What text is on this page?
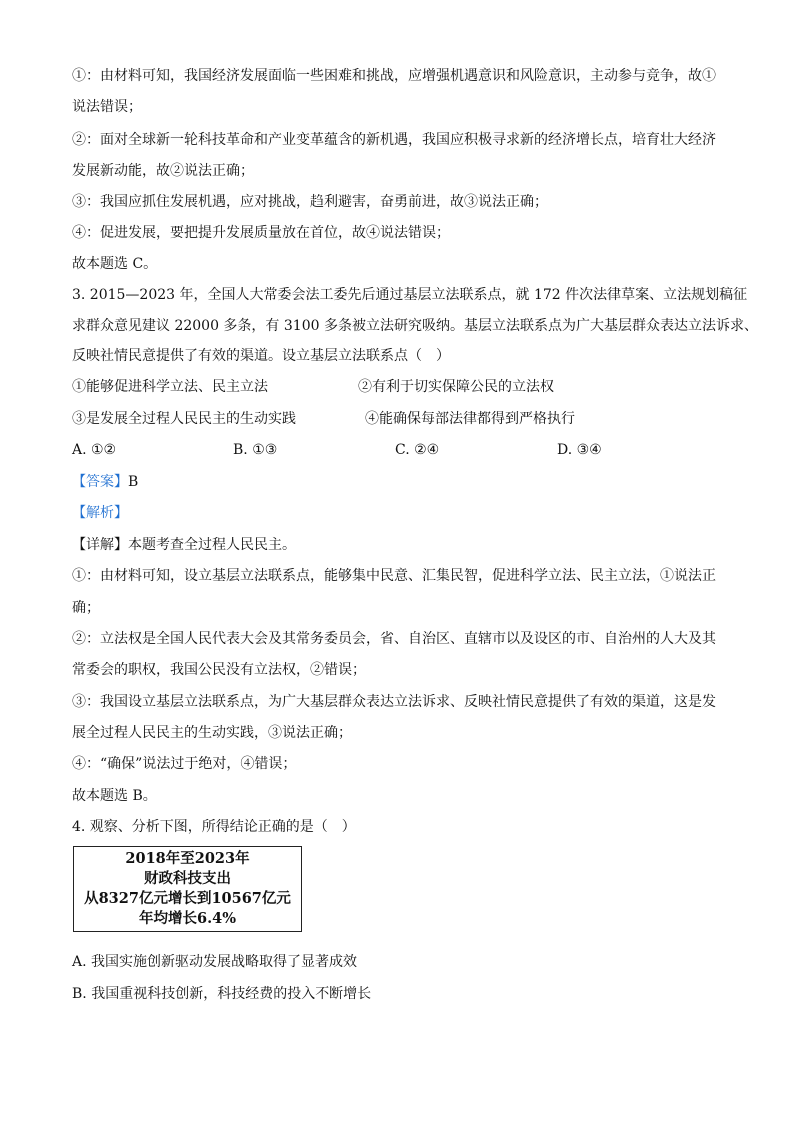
①：由材料可知，我国经济发展面临一些困难和挑战，应增强机遇意识和风险意识，主动参与竞争，故①
说法错误；
②：面对全球新一轮科技革命和产业变革蕴含的新机遇，我国应积极寻求新的经济增长点，培育壮大经济
发展新动能，故②说法正确；
③：我国应抓住发展机遇，应对挑战，趋利避害，奋勇前进，故③说法正确；
④：促进发展，要把提升发展质量放在首位，故④说法错误；
故本题选 C。
3. 2015—2023 年，全国人大常委会法工委先后通过基层立法联系点，就 172 件次法律草案、立法规划稿征
求群众意见建议 22000 多条，有 3100 多条被立法研究吸纳。基层立法联系点为广大基层群众表达立法诉求、
反映社情民意提供了有效的渠道。设立基层立法联系点（　）
①能够促进科学立法、民主立法	②有利于切实保障公民的立法权
③是发展全过程人民民主的生动实践	④能确保每部法律都得到严格执行
A. ①②	B. ①③	C. ②④	D. ③④
【答案】B
【解析】
【详解】本题考查全过程人民民主。
①：由材料可知，设立基层立法联系点，能够集中民意、汇集民智，促进科学立法、民主立法，①说法正
确；
②：立法权是全国人民代表大会及其常务委员会，省、自治区、直辖市以及设区的市、自治州的人大及其
常委会的职权，我国公民没有立法权，②错误；
③：我国设立基层立法联系点，为广大基层群众表达立法诉求、反映社情民意提供了有效的渠道，这是发
展全过程人民民主的生动实践，③说法正确；
④：“确保”说法过于绝对，④错误；
故本题选 B。
4. 观察、分析下图，所得结论正确的是（　）
2018年至2023年
财政科技支出
从8327亿元增长到10567亿元
年均增长6.4%
A. 我国实施创新驱动发展战略取得了显著成效
B. 我国重视科技创新，科技经费的投入不断增长
